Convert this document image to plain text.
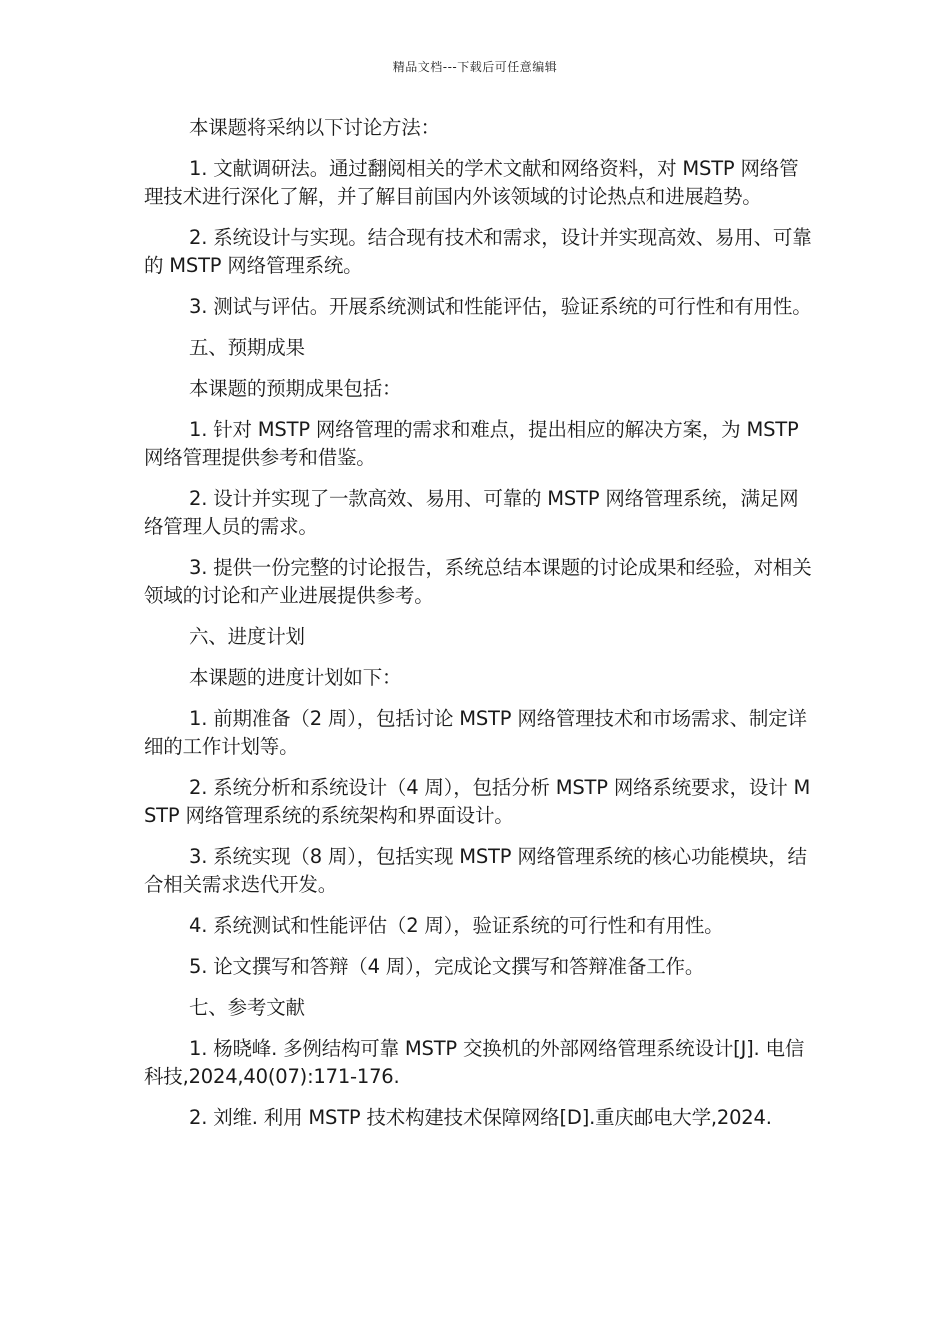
精品文档---下载后可任意编辑

本课题将采纳以下讨论方法：

1. 文献调研法。通过翻阅相关的学术文献和网络资料，对 MSTP 网络管理技术进行深化了解，并了解目前国内外该领域的讨论热点和进展趋势。

2. 系统设计与实现。结合现有技术和需求，设计并实现高效、易用、可靠的 MSTP 网络管理系统。

3. 测试与评估。开展系统测试和性能评估，验证系统的可行性和有用性。

五、预期成果

本课题的预期成果包括：

1. 针对 MSTP 网络管理的需求和难点，提出相应的解决方案，为 MSTP 网络管理提供参考和借鉴。

2. 设计并实现了一款高效、易用、可靠的 MSTP 网络管理系统，满足网络管理人员的需求。

3. 提供一份完整的讨论报告，系统总结本课题的讨论成果和经验，对相关领域的讨论和产业进展提供参考。

六、进度计划

本课题的进度计划如下：

1. 前期准备（2 周），包括讨论 MSTP 网络管理技术和市场需求、制定详细的工作计划等。

2. 系统分析和系统设计（4 周），包括分析 MSTP 网络系统要求，设计 MSTP 网络管理系统的系统架构和界面设计。

3. 系统实现（8 周），包括实现 MSTP 网络管理系统的核心功能模块，结合相关需求迭代开发。

4. 系统测试和性能评估（2 周），验证系统的可行性和有用性。

5. 论文撰写和答辩（4 周），完成论文撰写和答辩准备工作。

七、参考文献

1. 杨晓峰. 多例结构可靠 MSTP 交换机的外部网络管理系统设计[J]. 电信科技,2024,40(07):171-176.

2. 刘维. 利用 MSTP 技术构建技术保障网络[D].重庆邮电大学,2024.
